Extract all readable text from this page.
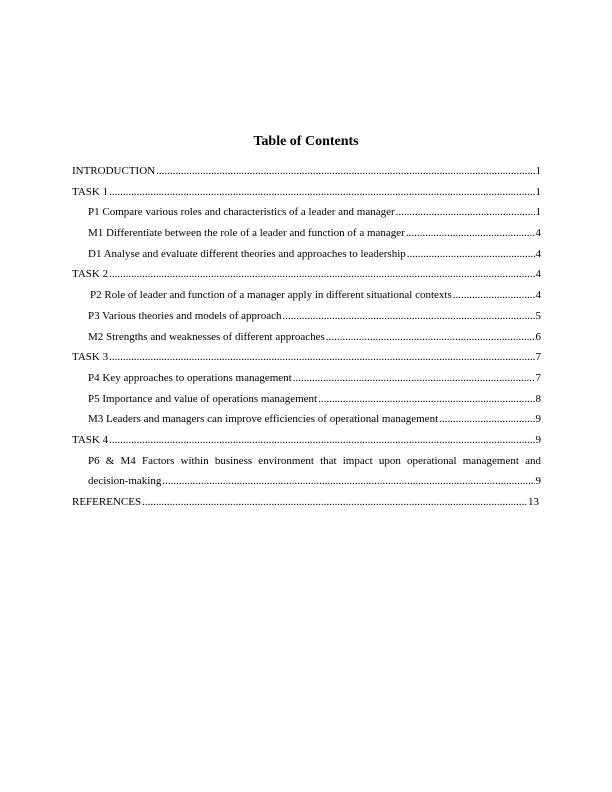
Table of Contents
INTRODUCTION .....	1
TASK 1 .....	1
P1 Compare various roles and characteristics of a leader and manager .....	1
M1 Differentiate between the role of a leader and function of a manager .....	4
D1 Analyse and evaluate different theories and approaches to leadership .....	4
TASK 2 .....	4
P2 Role of leader and function of a manager apply in different situational contexts .....	4
P3 Various theories and models of approach .....	5
M2 Strengths and weaknesses of different approaches .....	6
TASK 3 .....	7
P4 Key approaches to operations management .....	7
P5 Importance and value of operations management .....	8
M3 Leaders and managers can improve efficiencies of operational management .....	9
TASK 4 .....	9
P6 & M4 Factors within business environment that impact upon operational management and
decision-making .....	9
REFERENCES .....	13
